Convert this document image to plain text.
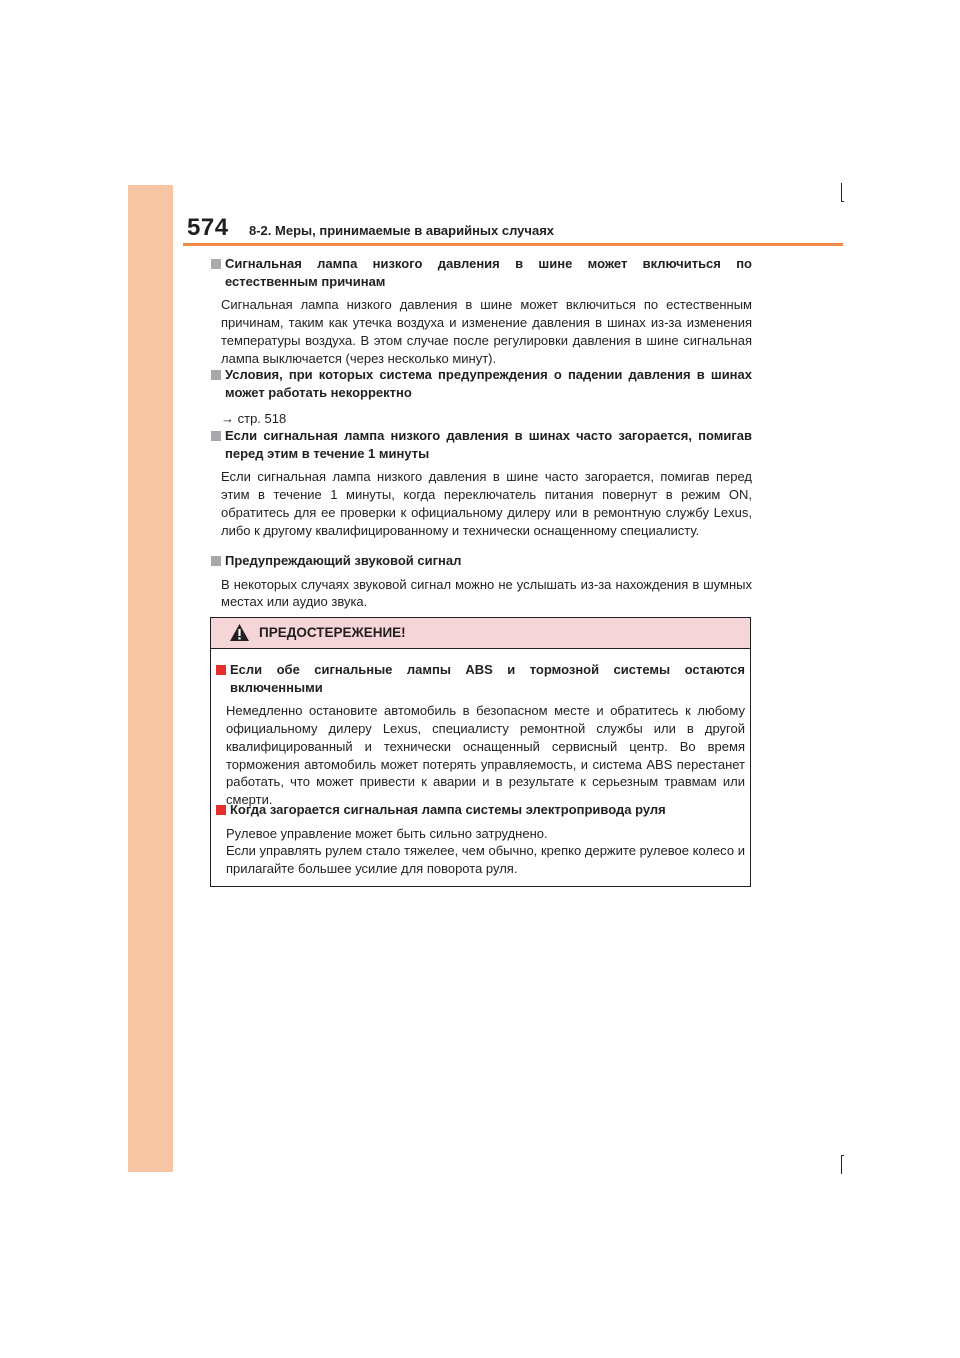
574 8-2. Меры, принимаемые в аварийных случаях
Сигнальная лампа низкого давления в шине может включиться по естественным причинам
Сигнальная лампа низкого давления в шине может включиться по естественным причинам, таким как утечка воздуха и изменение давления в шинах из-за изменения температуры воздуха. В этом случае после регулировки давления в шине сигнальная лампа выключается (через несколько минут).
Условия, при которых система предупреждения о падении давления в шинах может работать некорректно
→ стр. 518
Если сигнальная лампа низкого давления в шинах часто загорается, помигав перед этим в течение 1 минуты
Если сигнальная лампа низкого давления в шине часто загорается, помигав перед этим в течение 1 минуты, когда переключатель питания повернут в режим ON, обратитесь для ее проверки к официальному дилеру или в ремонтную службу Lexus, либо к другому квалифицированному и технически оснащенному специалисту.
Предупреждающий звуковой сигнал
В некоторых случаях звуковой сигнал можно не услышать из-за нахождения в шумных местах или аудио звука.
ПРЕДОСТЕРЕЖЕНИЕ!
Если обе сигнальные лампы ABS и тормозной системы остаются включенными
Немедленно остановите автомобиль в безопасном месте и обратитесь к любому официальному дилеру Lexus, специалисту ремонтной службы или в другой квалифицированный и технически оснащенный сервисный центр. Во время торможения автомобиль может потерять управляемость, и система ABS перестанет работать, что может привести к аварии и в результате к серьезным травмам или смерти.
Когда загорается сигнальная лампа системы электропривода руля

Рулевое управление может быть сильно затруднено.

Если управлять рулем стало тяжелее, чем обычно, крепко держите рулевое колесо и прилагайте большее усилие для поворота руля.
